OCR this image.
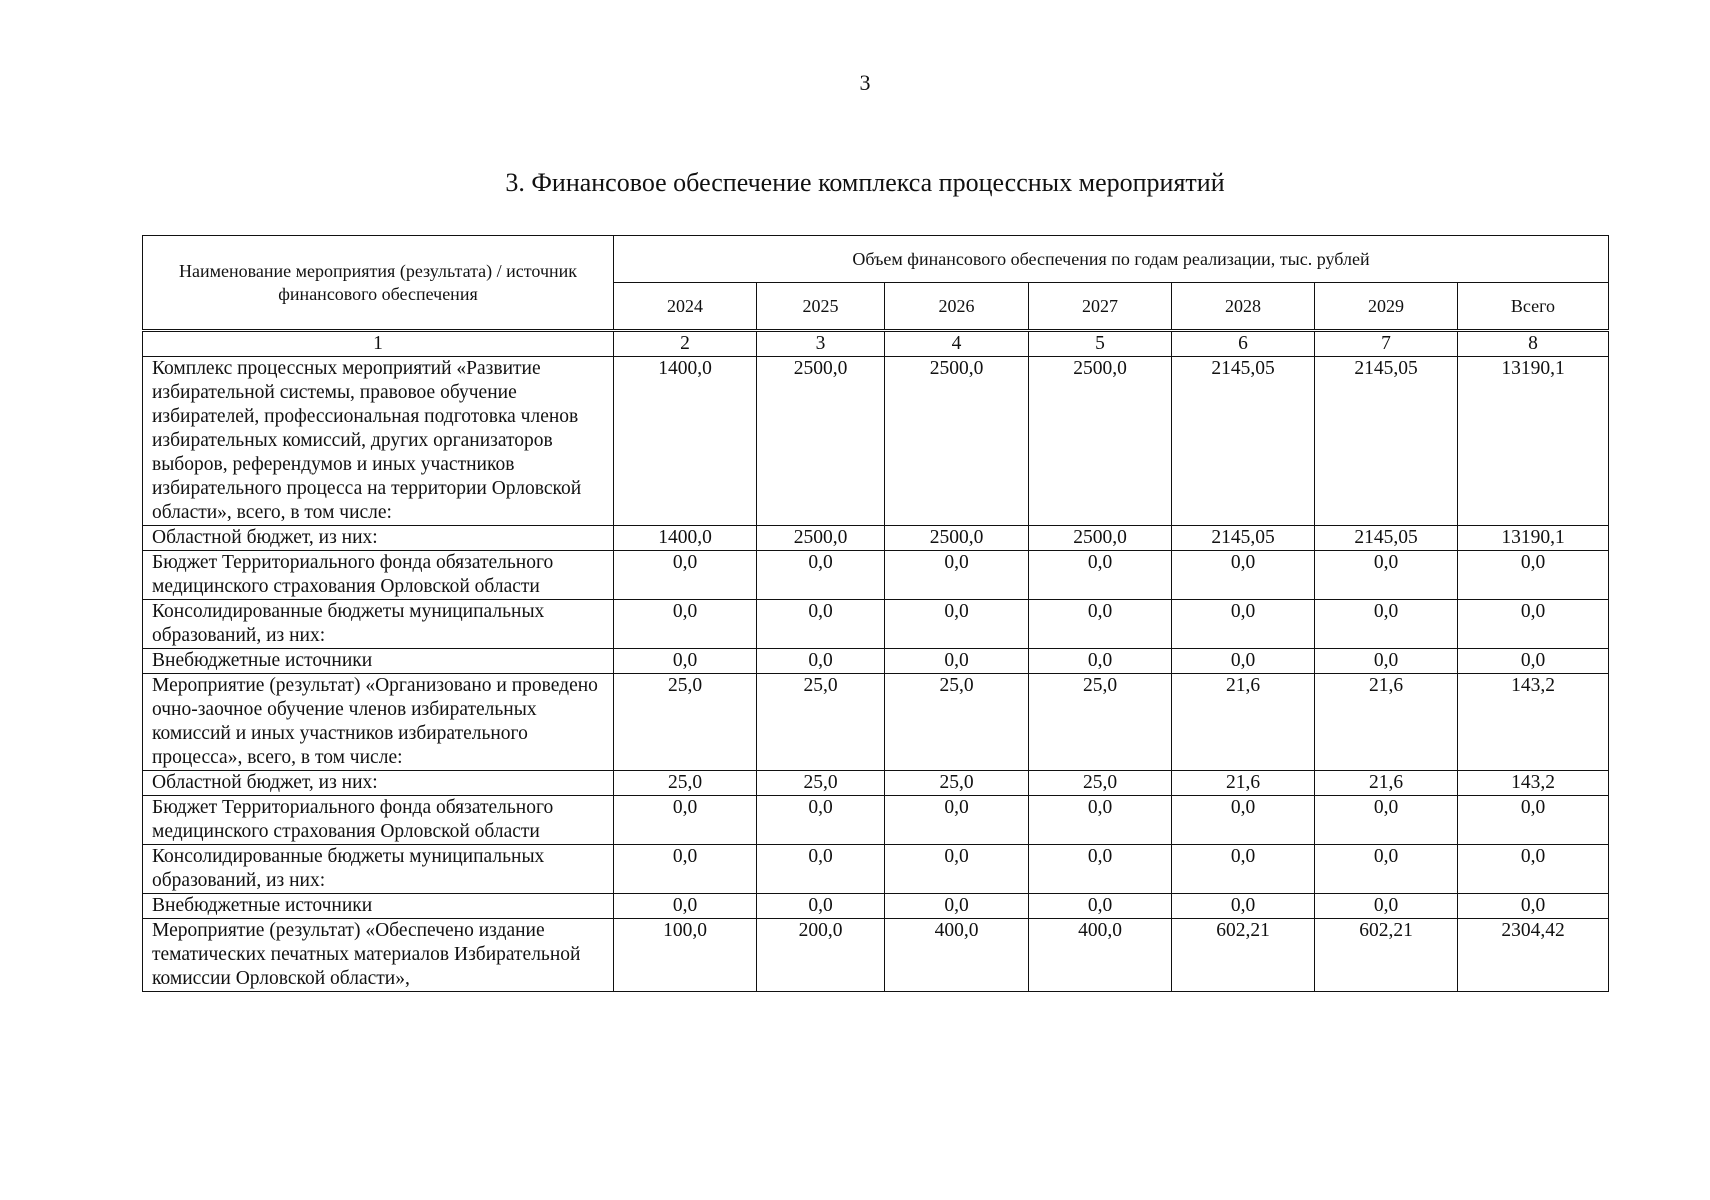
3
3. Финансовое обеспечение комплекса процессных мероприятий
Наименование мероприятия (результата) / источник финансового обеспечения	Объем финансового обеспечения по годам реализации, тыс. рублей						
	2024	2025	2026	2027	2028	2029	Всего
1	2	3	4	5	6	7	8
Комплекс процессных мероприятий «Развитие избирательной системы, правовое обучение избирателей, профессиональная подготовка членов избирательных комиссий, других организаторов выборов, референдумов и иных участников избирательного процесса на территории Орловской области», всего, в том числе:	1400,0	2500,0	2500,0	2500,0	2145,05	2145,05	13190,1
Областной бюджет, из них:	1400,0	2500,0	2500,0	2500,0	2145,05	2145,05	13190,1
Бюджет Территориального фонда обязательного медицинского страхования Орловской области	0,0	0,0	0,0	0,0	0,0	0,0	0,0
Консолидированные бюджеты муниципальных образований, из них:	0,0	0,0	0,0	0,0	0,0	0,0	0,0
Внебюджетные источники	0,0	0,0	0,0	0,0	0,0	0,0	0,0
Мероприятие (результат) «Организовано и проведено очно-заочное обучение членов избирательных комиссий и иных участников избирательного процесса», всего, в том числе:	25,0	25,0	25,0	25,0	21,6	21,6	143,2
Областной бюджет, из них:	25,0	25,0	25,0	25,0	21,6	21,6	143,2
Бюджет Территориального фонда обязательного медицинского страхования Орловской области	0,0	0,0	0,0	0,0	0,0	0,0	0,0
Консолидированные бюджеты муниципальных образований, из них:	0,0	0,0	0,0	0,0	0,0	0,0	0,0
Внебюджетные источники	0,0	0,0	0,0	0,0	0,0	0,0	0,0
Мероприятие (результат) «Обеспечено издание тематических печатных материалов Избирательной комиссии Орловской области»,	100,0	200,0	400,0	400,0	602,21	602,21	2304,42
